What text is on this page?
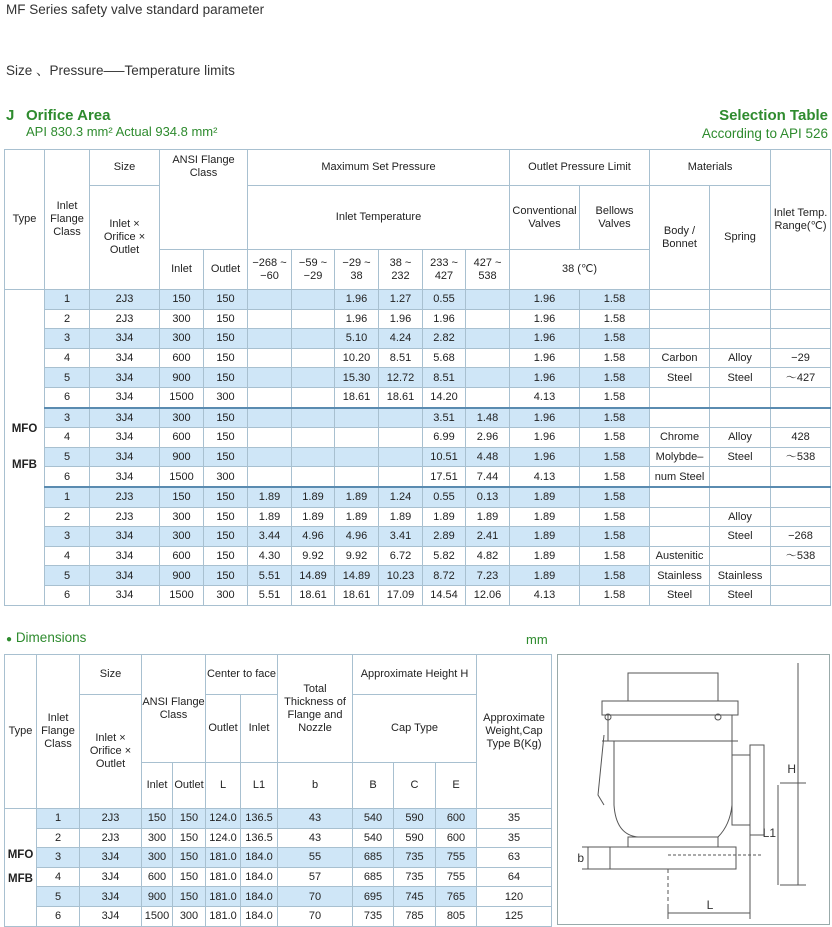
MF Series safety valve standard parameter
Size 、Pressure—–Temperature limits
J Orifice Area
API 830.3 mm² Actual 934.8 mm²
Selection Table
According to API 526
Type	Inlet Flange Class	Size	ANSI Flange Class		Maximum Set Pressure						Outlet Pressure Limit		Materials		Inlet Temp. Range(℃)
		Inlet × Orifice × Outlet			Inlet Temperature						Conventional Valves	Bellows Valves	Body / Bonnet	Spring	
			Inlet	Outlet	−268 ~ −60	−59 ~ −29	−29 ~ 38	38 ~ 232	233 ~ 427	427 ~ 538	38 (℃)				

MFO
MFB	1	2J3	150	150			1.96	1.27	0.55		1.96	1.58			
	2	2J3	300	150			1.96	1.96	1.96		1.96	1.58			
	3	3J4	300	150			5.10	4.24	2.82		1.96	1.58			
	4	3J4	600	150			10.20	8.51	5.68		1.96	1.58	Carbon	Alloy	−29
	5	3J4	900	150			15.30	12.72	8.51		1.96	1.58	Steel	Steel	～427
	6	3J4	1500	300			18.61	18.61	14.20		4.13	1.58			
	3	3J4	300	150					3.51	1.48	1.96	1.58			
	4	3J4	600	150					6.99	2.96	1.96	1.58	Chrome	Alloy	428
	5	3J4	900	150					10.51	4.48	1.96	1.58	Molybde–	Steel	～538
	6	3J4	1500	300					17.51	7.44	4.13	1.58	num Steel		
	1	2J3	150	150	1.89	1.89	1.89	1.24	0.55	0.13	1.89	1.58			
	2	2J3	300	150	1.89	1.89	1.89	1.89	1.89	1.89	1.89	1.58		Alloy	
	3	3J4	300	150	3.44	4.96	4.96	3.41	2.89	2.41	1.89	1.58		Steel	−268
	4	3J4	600	150	4.30	9.92	9.92	6.72	5.82	4.82	1.89	1.58	Austenitic		～538
	5	3J4	900	150	5.51	14.89	14.89	10.23	8.72	7.23	1.89	1.58	Stainless	Stainless	
	6	3J4	1500	300	5.51	18.61	18.61	17.09	14.54	12.06	4.13	1.58	Steel	Steel	
● Dimensions	mm
Type	Inlet Flange Class	Size	ANSI Flange Class		Center to face		Total Thickness of Flange and Nozzle	Approximate Height H			Approximate Weight,Cap Type B(Kg)
		Inlet × Orifice × Outlet			Outlet	Inlet		Cap Type			
			Inlet	Outlet	L	L1	b	B	C	E	

MFO
MFB	1	2J3	150	150	124.0	136.5	43	540	590	600	35
	2	2J3	300	150	124.0	136.5	43	540	590	600	35
	3	3J4	300	150	181.0	184.0	55	685	735	755	63
	4	3J4	600	150	181.0	184.0	57	685	735	755	64
	5	3J4	900	150	181.0	184.0	70	695	745	765	120
	6	3J4	1500	300	181.0	184.0	70	735	785	805	125
H
L1
b
L
